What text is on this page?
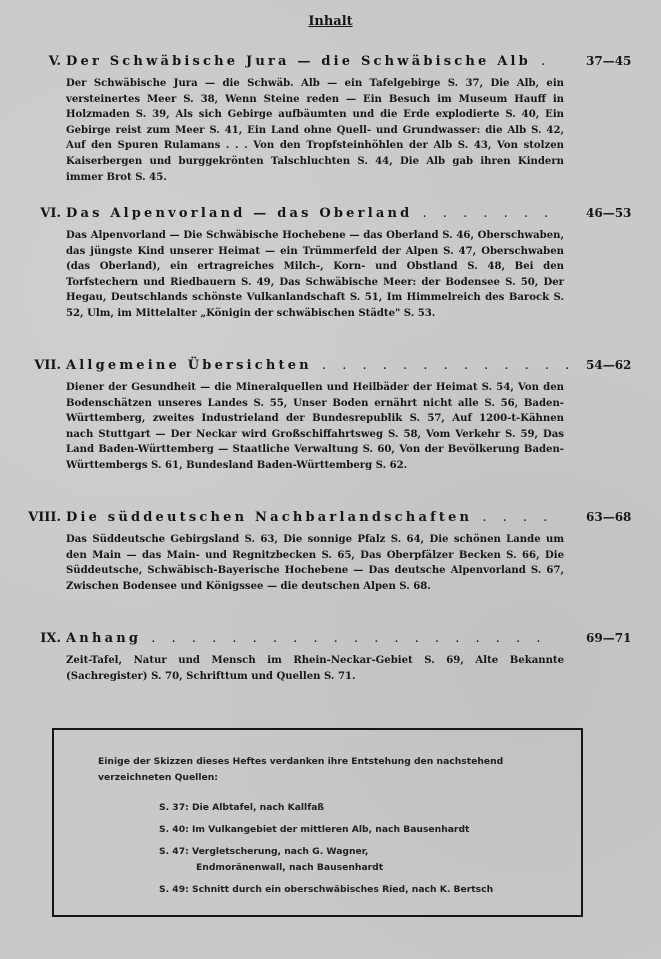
Inhalt
V. Der Schwäbische Jura — die Schwäbische Alb .	37—45
Der Schwäbische Jura — die Schwäb. Alb — ein Tafelgebirge S. 37, Die Alb, ein versteinertes Meer S. 38, Wenn Steine reden — Ein Besuch im Museum Hauff in Holzmaden S. 39, Als sich Gebirge aufbäumten und die Erde explodierte S. 40, Ein Gebirge reist zum Meer S. 41, Ein Land ohne Quell- und Grundwasser: die Alb S. 42, Auf den Spuren Rulamans . . . Von den Tropfsteinhöhlen der Alb S. 43, Von stolzen Kaiserbergen und burggekrönten Talschluchten S. 44, Die Alb gab ihren Kindern immer Brot S. 45.
VI. Das Alpenvorland — das Oberland . . . . . . .	46—53
Das Alpenvorland — Die Schwäbische Hochebene — das Oberland S. 46, Oberschwaben, das jüngste Kind unserer Heimat — ein Trümmerfeld der Alpen S. 47, Oberschwaben (das Oberland), ein ertragreiches Milch-, Korn- und Obstland S. 48, Bei den Torfstechern und Riedbauern S. 49, Das Schwäbische Meer: der Bodensee S. 50, Der Hegau, Deutschlands schönste Vulkanlandschaft S. 51, Im Himmelreich des Barock S. 52, Ulm, im Mittelalter „Königin der schwäbischen Städte" S. 53.
VII. Allgemeine Übersichten . . . . . . . . . . . . . 54—62
Diener der Gesundheit — die Mineralquellen und Heilbäder der Heimat S. 54, Von den Bodenschätzen unseres Landes S. 55, Unser Boden ernährt nicht alle S. 56, Baden-Württemberg, zweites Industrieland der Bundesrepublik S. 57, Auf 1200-t-Kähnen nach Stuttgart — Der Neckar wird Großschiffahrtsweg S. 58, Vom Verkehr S. 59, Das Land Baden-Württemberg — Staatliche Verwaltung S. 60, Von der Bevölkerung Baden-Württembergs S. 61, Bundesland Baden-Württemberg S. 62.
VIII. Die süddeutschen Nachbarlandschaften . . . .	63—68
Das Süddeutsche Gebirgsland S. 63, Die sonnige Pfalz S. 64, Die schönen Lande um den Main — das Main- und Regnitzbecken S. 65, Das Oberpfälzer Becken S. 66, Die Süddeutsche, Schwäbisch-Bayerische Hochebene — Das deutsche Alpenvorland S. 67, Zwischen Bodensee und Königssee — die deutschen Alpen S. 68.
IX. Anhang . . . . . . . . . . . . . . . . . . . .	69—71
Zeit-Tafel, Natur und Mensch im Rhein-Neckar-Gebiet S. 69, Alte Bekannte (Sachregister) S. 70, Schrifttum und Quellen S. 71.
Einige der Skizzen dieses Heftes verdanken ihre Entstehung den nachstehend verzeichneten Quellen:
S. 37: Die Albtafel, nach Kallfaß
S. 40: Im Vulkangebiet der mittleren Alb, nach Bausenhardt
S. 47: Vergletscherung, nach G. Wagner,
Endmoränenwall, nach Bausenhardt
S. 49: Schnitt durch ein oberschwäbisches Ried, nach K. Bertsch
